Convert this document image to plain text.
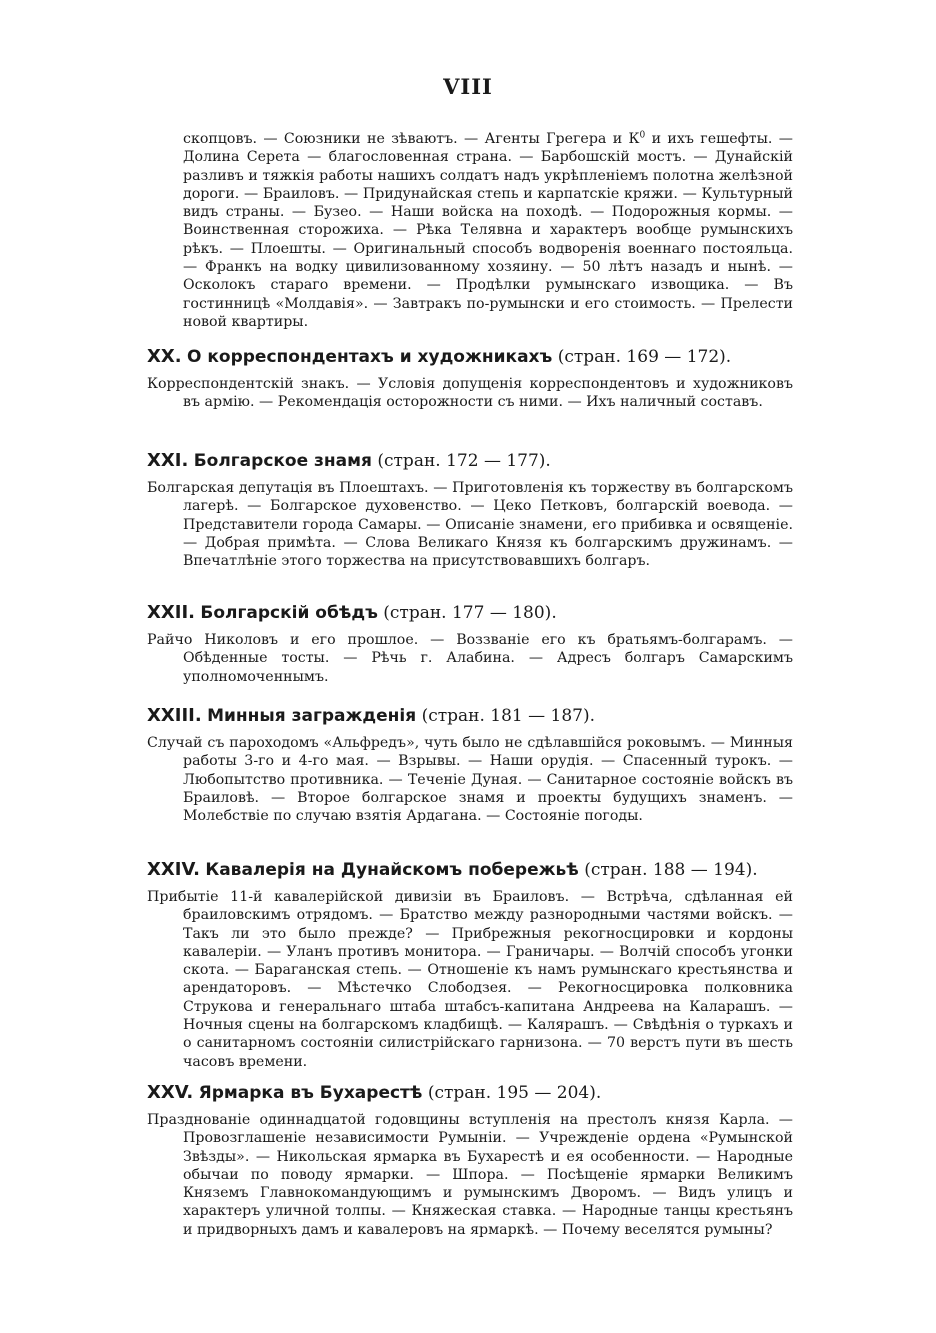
VIII

скопцовъ. — Союзники не зѣваютъ. — Агенты Грегера и $К^0$ и ихъ гешефты. — Долина Серета — благословенная страна. — Барбошскій мостъ. — Дунайскій разливъ и тяжкія работы нашихъ солдатъ надъ укрѣпленіемъ полотна желѣзной дороги. — Браиловъ. — Придунайская степь и карпатскіе кряжи. — Культурный видъ страны. — Бузео. — Наши войска на походѣ. — Подорожныя кормы. — Воинственная сторожиха. — Рѣка Телявна и характеръ вообще румынскихъ рѣкъ. — Плоешты. — Оригинальный способъ водворенія военнаго постояльца. — Франкъ на водку цивилизованному хозяину. — 50 лѣтъ назадъ и нынѣ. — Осколокъ стараго времени. — Продѣлки румынскаго извощика. — Въ гостинницѣ «Молдавія». — Завтракъ по-румынски и его стоимость. — Прелести новой квартиры.

XX. О корреспондентахъ и художникахъ (стран. 169 — 172).

Корреспондентскій знакъ. — Условія допущенія корреспондентовъ и художниковъ въ армію. — Рекомендація осторожности съ ними. — Ихъ наличный составъ.

XXI. Болгарское знамя (стран. 172 — 177).

Болгарская депутація въ Плоештахъ. — Приготовленія къ торжеству въ болгарскомъ лагерѣ. — Болгарское духовенство. — Цеко Петковъ, болгарскій воевода. — Представители города Самары. — Описаніе знамени, его прибивка и освященіе. — Добрая примѣта. — Слова Великаго Князя къ болгарскимъ дружинамъ. — Впечатлѣніе этого торжества на присутствовавшихъ болгаръ.

XXII. Болгарскій обѣдъ (стран. 177 — 180).

Райчо Николовъ и его прошлое. — Воззваніе его къ братьямъ-болгарамъ. — Обѣденные тосты. — Рѣчь г. Алабина. — Адресъ болгаръ Самарскимъ уполномоченнымъ.

XXIII. Минныя загражденія (стран. 181 — 187).

Случай съ пароходомъ «Альфредъ», чуть было не сдѣлавшійся роковымъ. — Минныя работы 3-го и 4-го мая. — Взрывы. — Наши орудія. — Спасенный турокъ. — Любопытство противника. — Теченіе Дуная. — Санитарное состояніе войскъ въ Браиловѣ. — Второе болгарское знамя и проекты будущихъ знаменъ. — Молебствіе по случаю взятія Ардагана. — Состояніе погоды.

XXIV. Кавалерія на Дунайскомъ побережьѣ (стран. 188 — 194).

Прибытіе 11-й кавалерійской дивизіи въ Браиловъ. — Встрѣча, сдѣланная ей браиловскимъ отрядомъ. — Братство между разнородными частями войскъ. — Такъ ли это было прежде? — Прибрежныя рекогносцировки и кордоны кавалеріи. — Уланъ противъ монитора. — Граничары. — Волчій способъ угонки скота. — Бараганская степь. — Отношеніе къ намъ румынскаго крестьянства и арендаторовъ. — Мѣстечко Слободзея. — Рекогносцировка полковника Струкова и генеральнаго штаба штабсъ-капитана Андреева на Каларашъ. — Ночныя сцены на болгарскомъ кладбищѣ. — Калярашъ. — Свѣдѣнія о туркахъ и о санитарномъ состояніи силистрійскаго гарнизона. — 70 верстъ пути въ шесть часовъ времени.

XXV. Ярмарка въ Бухарестѣ (стран. 195 — 204).

Празднованіе одиннадцатой годовщины вступленія на престолъ князя Карла. — Провозглашеніе независимости Румыніи. — Учрежденіе ордена «Румынской Звѣзды». — Никольская ярмарка въ Бухарестѣ и ея особенности. — Народные обычаи по поводу ярмарки. — Шпора. — Посѣщеніе ярмарки Великимъ Княземъ Главнокомандующимъ и румынскимъ Дворомъ. — Видъ улицъ и характеръ уличной толпы. — Княжеская ставка. — Народные танцы крестьянъ и придворныхъ дамъ и кавалеровъ на ярмаркѣ. — Почему веселятся румыны?
